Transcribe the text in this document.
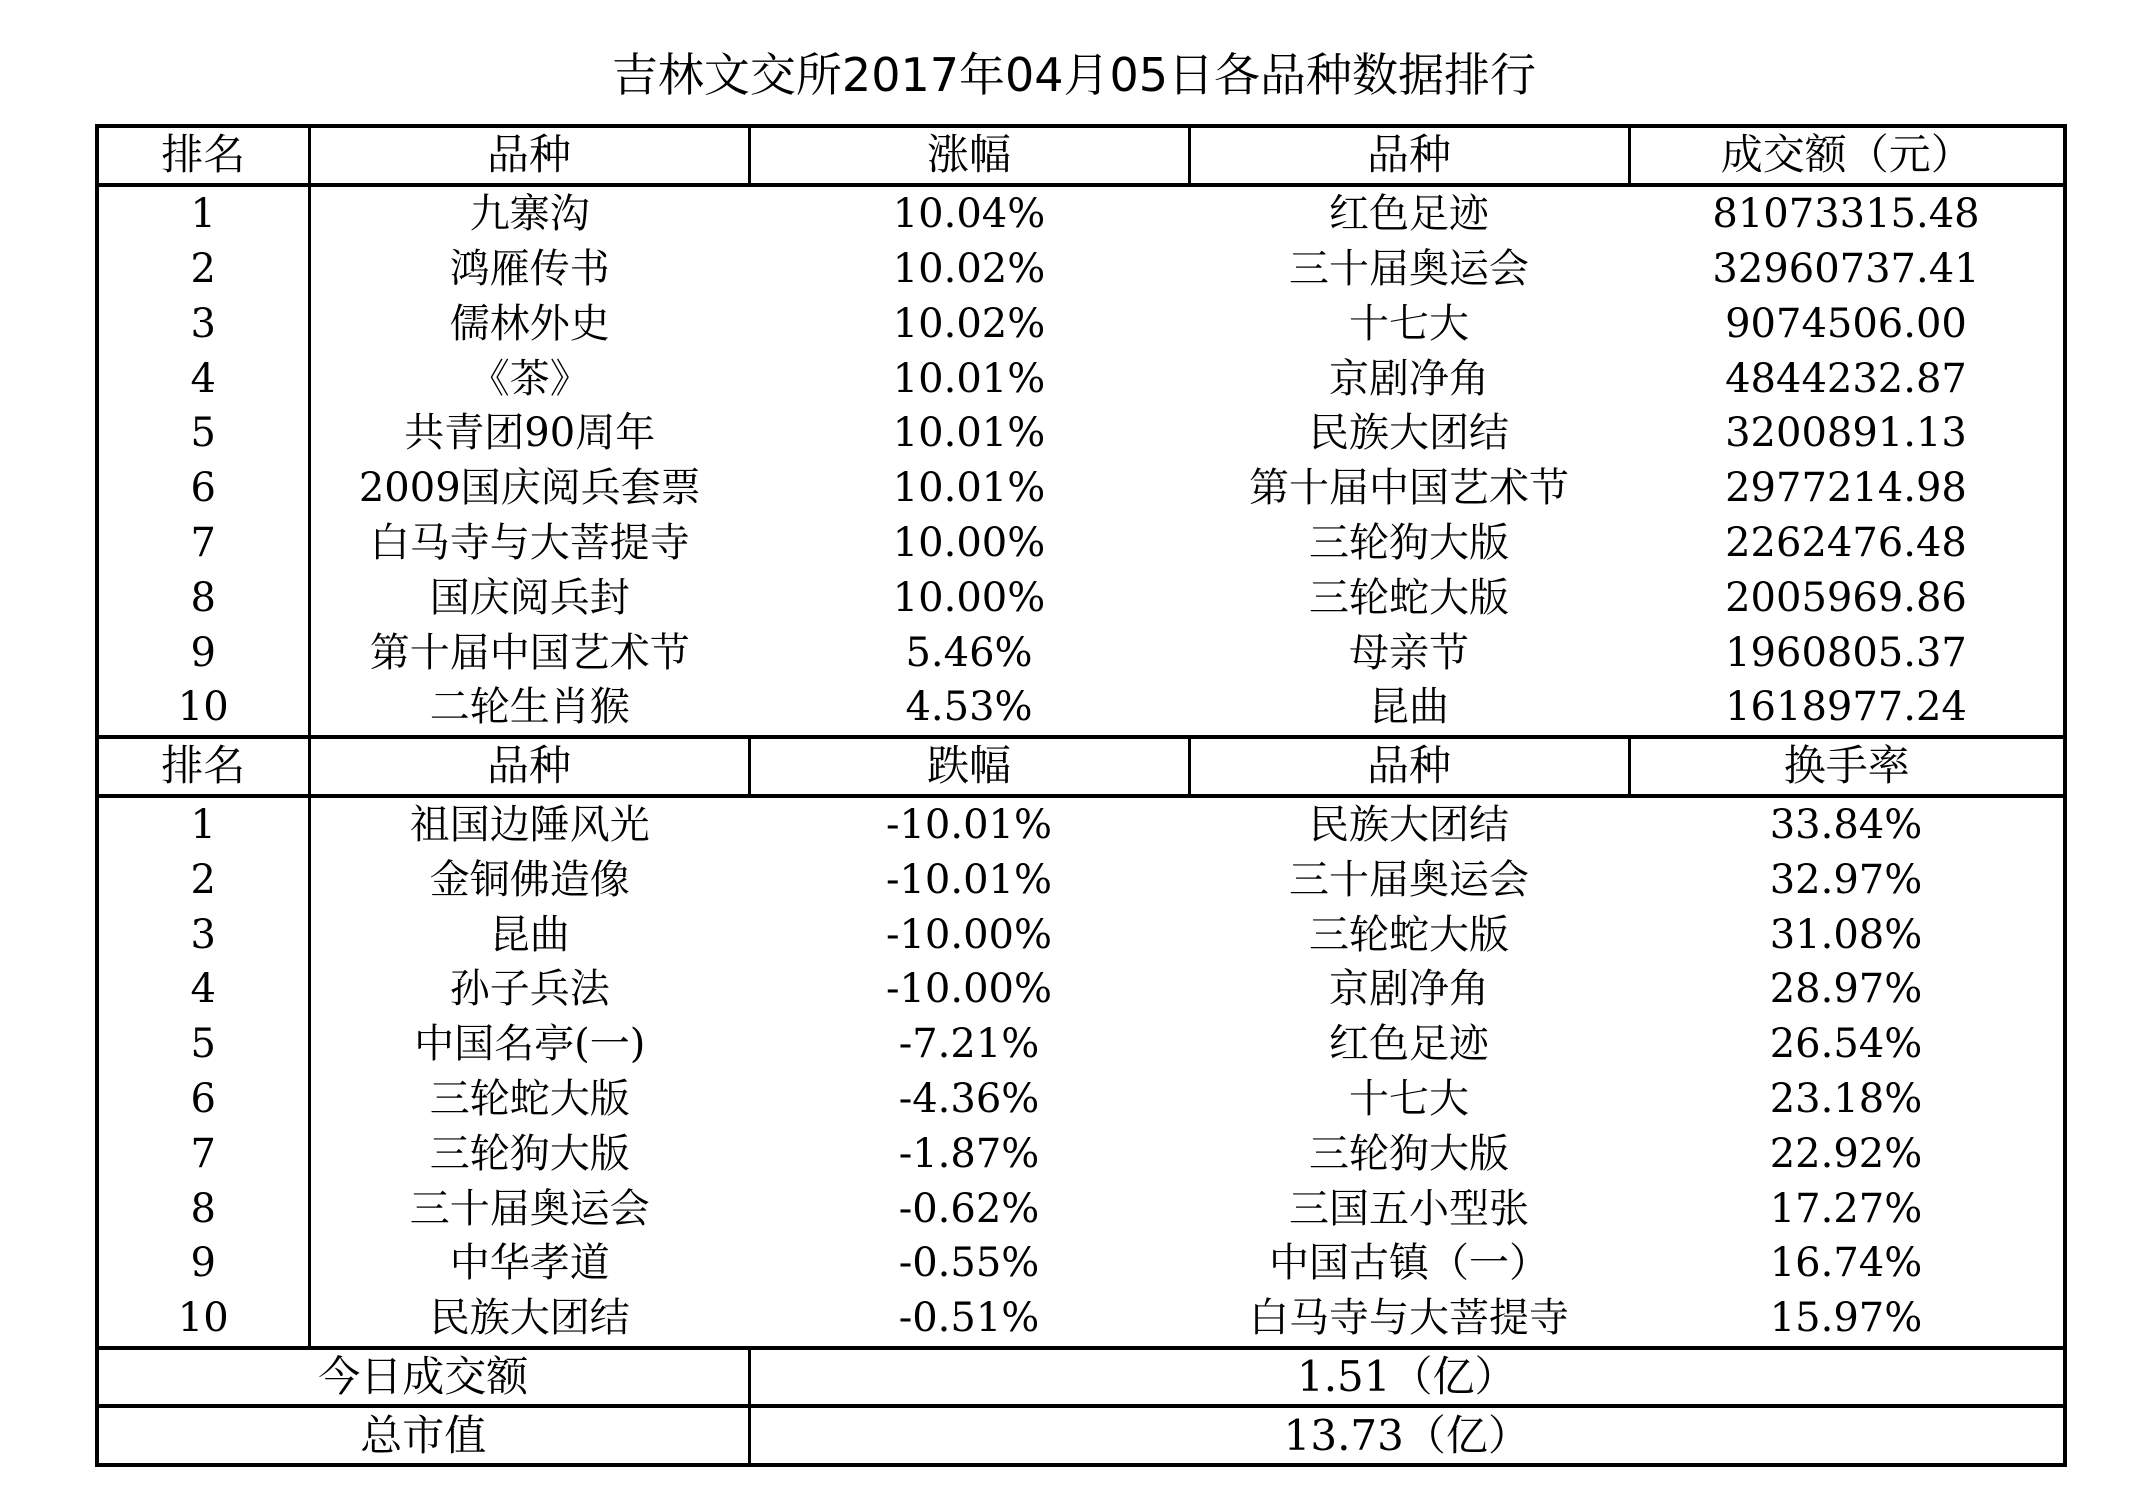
吉林文交所2017年04月05日各品种数据排行
排名	品种	涨幅	品种	成交额（元）
1	九寨沟	10.04%	红色足迹	81073315.48
2	鸿雁传书	10.02%	三十届奥运会	32960737.41
3	儒林外史	10.02%	十七大	9074506.00
4	《茶》	10.01%	京剧净角	4844232.87
5	共青团90周年	10.01%	民族大团结	3200891.13
6	2009国庆阅兵套票	10.01%	第十届中国艺术节	2977214.98
7	白马寺与大菩提寺	10.00%	三轮狗大版	2262476.48
8	国庆阅兵封	10.00%	三轮蛇大版	2005969.86
9	第十届中国艺术节	5.46%	母亲节	1960805.37
10	二轮生肖猴	4.53%	昆曲	1618977.24
排名	品种	跌幅	品种	换手率
1	祖国边陲风光	-10.01%	民族大团结	33.84%
2	金铜佛造像	-10.01%	三十届奥运会	32.97%
3	昆曲	-10.00%	三轮蛇大版	31.08%
4	孙子兵法	-10.00%	京剧净角	28.97%
5	中国名亭(一)	-7.21%	红色足迹	26.54%
6	三轮蛇大版	-4.36%	十七大	23.18%
7	三轮狗大版	-1.87%	三轮狗大版	22.92%
8	三十届奥运会	-0.62%	三国五小型张	17.27%
9	中华孝道	-0.55%	中国古镇（一）	16.74%
10	民族大团结	-0.51%	白马寺与大菩提寺	15.97%
今日成交额		1.51（亿）		
总市值		13.73（亿）		
